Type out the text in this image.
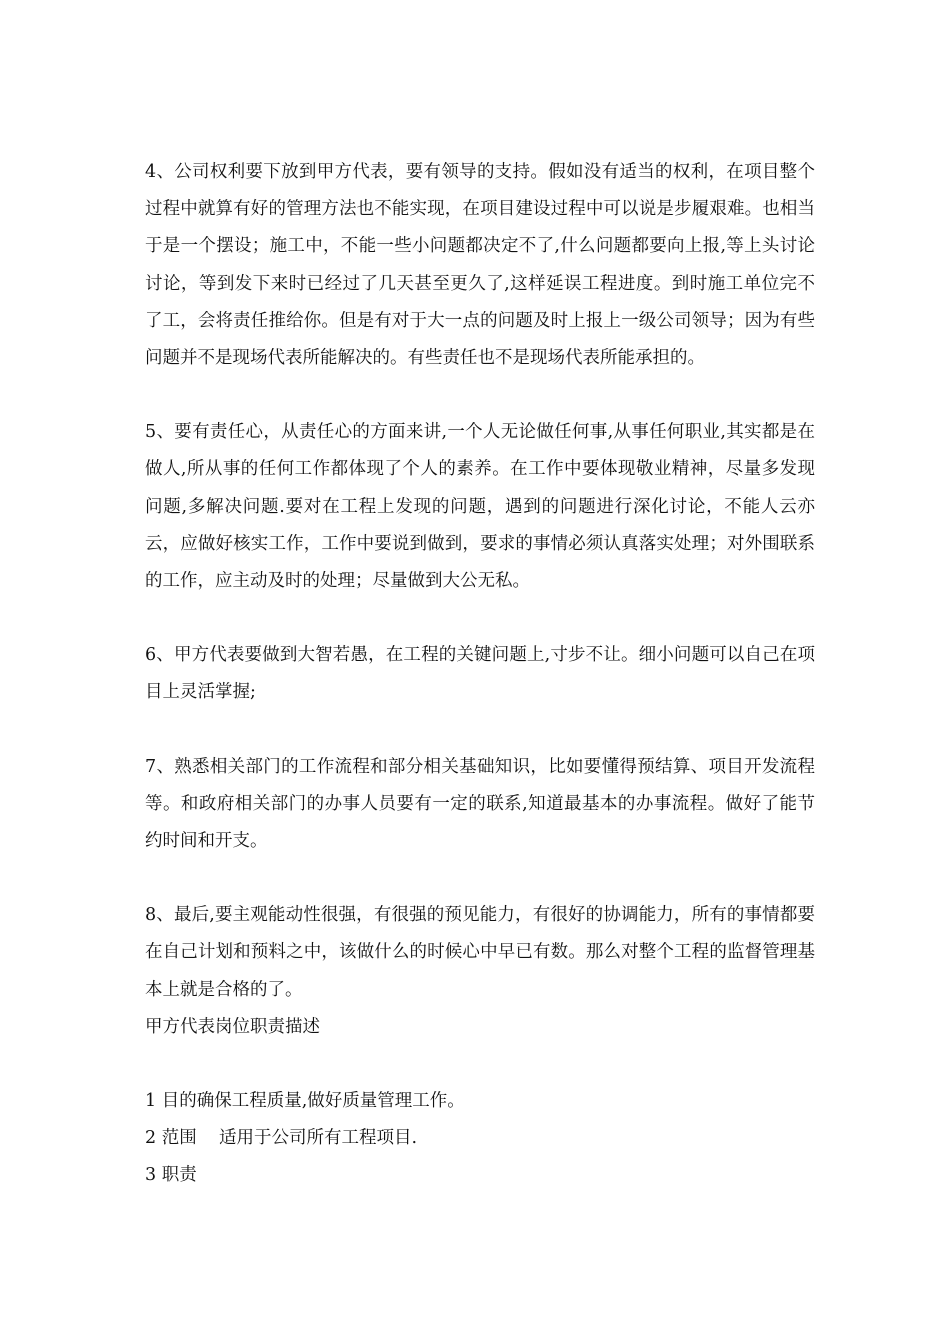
4、公司权利要下放到甲方代表，要有领导的支持。假如没有适当的权利，在项目整个过程中就算有好的管理方法也不能实现，在项目建设过程中可以说是步履艰难。也相当于是一个摆设；施工中，不能一些小问题都决定不了,什么问题都要向上报,等上头讨论讨论，等到发下来时已经过了几天甚至更久了,这样延误工程进度。到时施工单位完不了工，会将责任推给你。但是有对于大一点的问题及时上报上一级公司领导；因为有些问题并不是现场代表所能解决的。有些责任也不是现场代表所能承担的。

5、要有责任心，从责任心的方面来讲,一个人无论做任何事,从事任何职业,其实都是在做人,所从事的任何工作都体现了个人的素养。在工作中要体现敬业精神，尽量多发现问题,多解决问题.要对在工程上发现的问题，遇到的问题进行深化讨论，不能人云亦云，应做好核实工作，工作中要说到做到，要求的事情必须认真落实处理；对外围联系的工作，应主动及时的处理；尽量做到大公无私。

6、甲方代表要做到大智若愚，在工程的关键问题上,寸步不让。细小问题可以自己在项目上灵活掌握;

7、熟悉相关部门的工作流程和部分相关基础知识，比如要懂得预结算、项目开发流程等。和政府相关部门的办事人员要有一定的联系,知道最基本的办事流程。做好了能节约时间和开支。

8、最后,要主观能动性很强，有很强的预见能力，有很好的协调能力，所有的事情都要在自己计划和预料之中，该做什么的时候心中早已有数。那么对整个工程的监督管理基本上就是合格的了。

甲方代表岗位职责描述

1 目的确保工程质量,做好质量管理工作。

2 范围    适用于公司所有工程项目.

3 职责
